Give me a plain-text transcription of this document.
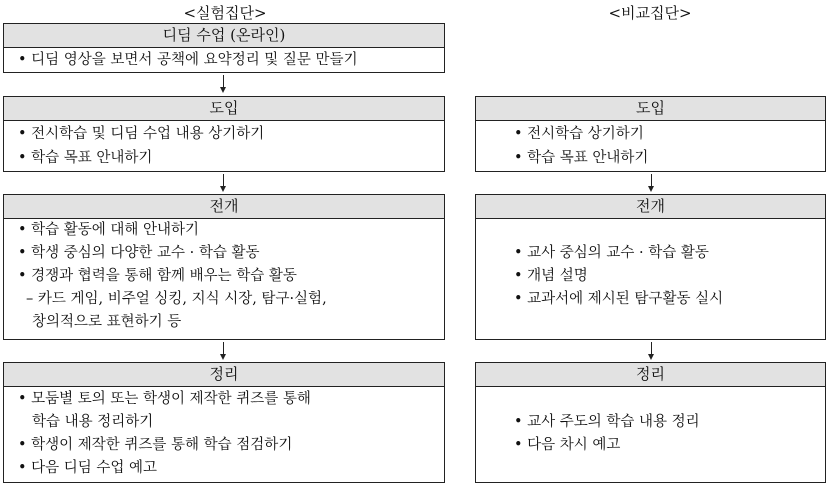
<실험집단>	<비교집단>
디딤 수업 (온라인)
• 디딤 영상을 보면서 공책에 요약정리 및 질문 만들기
도입
• 전시학습 및 디딤 수업 내용 상기하기
• 학습 목표 안내하기
전개
• 학습 활동에 대해 안내하기
• 학생 중심의 다양한 교수 · 학습 활동
• 경쟁과 협력을 통해 함께 배우는 학습 활동
– 카드 게임, 비주얼 싱킹, 지식 시장, 탐구·실험,
창의적으로 표현하기 등
정리
• 모둠별 토의 또는 학생이 제작한 퀴즈를 통해
학습 내용 정리하기
• 학생이 제작한 퀴즈를 통해 학습 점검하기
• 다음 디딤 수업 예고
도입
• 전시학습 상기하기
• 학습 목표 안내하기
전개
• 교사 중심의 교수 · 학습 활동
• 개념 설명
• 교과서에 제시된 탐구활동 실시
정리
• 교사 주도의 학습 내용 정리
• 다음 차시 예고
